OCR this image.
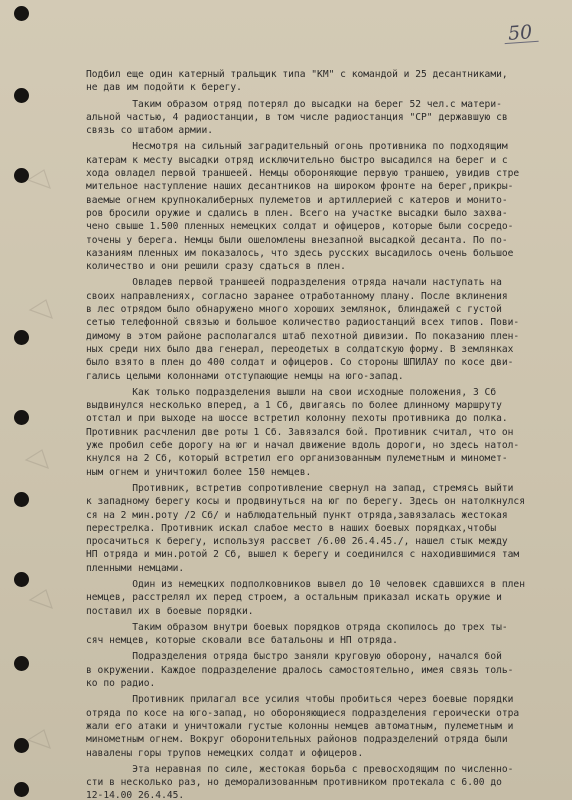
50
Подбил еще один катерный тральщик типа "КМ" с командой и 25 десантниками,
не дав им подойти к берегу.
Таким образом отряд потерял до высадки на берег 52 чел.с матери-
альной частью, 4 радиостанции, в том числе радиостанция "СР" державшую св
связь со штабом армии.
Несмотря на сильный заградительный огонь противника по подходящим
катерам к месту высадки отряд исключительно быстро высадился на берег и с
хода овладел первой траншеей. Немцы обороняющие первую траншею, увидив стре
мительное наступление наших десантников на широком фронте на берег,прикры-
ваемые огнем крупнокалиберных пулеметов и артиллерией с катеров и монито-
ров бросили оружие и сдались в плен. Всего на участке высадки было захва-
чено свыше 1.500 пленных немецких солдат и офицеров, которые были сосредо-
точены у берега. Немцы были ошеломлены внезапной высадкой десанта. По по-
казаниям пленных им показалось, что здесь русских высадилось очень большое
количество и они решили сразу сдаться в плен.
Овладев первой траншеей подразделения отряда начали наступать на
своих направлениях, согласно заранее отработанному плану. После вклинения
в лес отрядом было обнаружено много хороших землянок, блиндажей с густой
сетью телефонной связью и большое количество радиостанций всех типов. Пови-
димому в этом районе располагался штаб пехотной дивизии. По показанию плен-
ных среди них было два генерал, переодетых в солдатскую форму. В землянках
было взято в плен до 400 солдат и офицеров. Со стороны ШПИЛАУ по косе дви-
гались целыми колоннами отступающие немцы на юго-запад.
Как только подразделения вышли на свои исходные положения, 3 Сб
выдвинулся несколько вперед, а 1 Сб, двигаясь по более длинному маршруту
отстал и при выходе на шоссе встретил колонну пехоты противника до полка.
Противник расчленил две роты 1 Сб. Завязался бой. Противник считал, что он
уже пробил себе дорогу на юг и начал движение вдоль дороги, но здесь натол-
кнулся на 2 Сб, который встретил его организованным пулеметным и миномет-
ным огнем и уничтожил более 150 немцев.
Противник, встретив сопротивление свернул на запад, стремясь выйти
к западному берегу косы и продвинуться на юг по берегу. Здесь он натолкнулся
ся на 2 мин.роту /2 Сб/ и наблюдательный пункт отряда,завязалась жестокая
перестрелка. Противник искал слабое место в наших боевых порядках,чтобы
просачиться к берегу, используя рассвет /6.00 26.4.45./, нашел стык между
НП отряда и мин.ротой 2 Сб, вышел к берегу и соединился с находившимися там
пленными немцами.
Один из немецких подполковников вывел до 10 человек сдавшихся в плен
немцев, расстрелял их перед строем, а остальным приказал искать оружие и
поставил их в боевые порядки.
Таким образом внутри боевых порядков отряда скопилось до трех ты-
сяч немцев, которые сковали все батальоны и НП отряда.
Подразделения отряда быстро заняли круговую оборону, начался бой
в окружении. Каждое подразделение дралось самостоятельно, имея связь толь-
ко по радио.
Противник прилагал все усилия чтобы пробиться через боевые порядки
отряда по косе на юго-запад, но обороняющиеся подразделения героически отра
жали его атаки и уничтожали густые колонны немцев автоматным, пулеметным и
минометным огнем. Вокруг оборонительных районов подразделений отряда были
навалены горы трупов немецких солдат и офицеров.
Эта неравная по силе, жестокая борьба с превосходящим по численно-
сти в несколько раз, но деморализованным противником протекала с 6.00 до
12-14.00 26.4.45.
